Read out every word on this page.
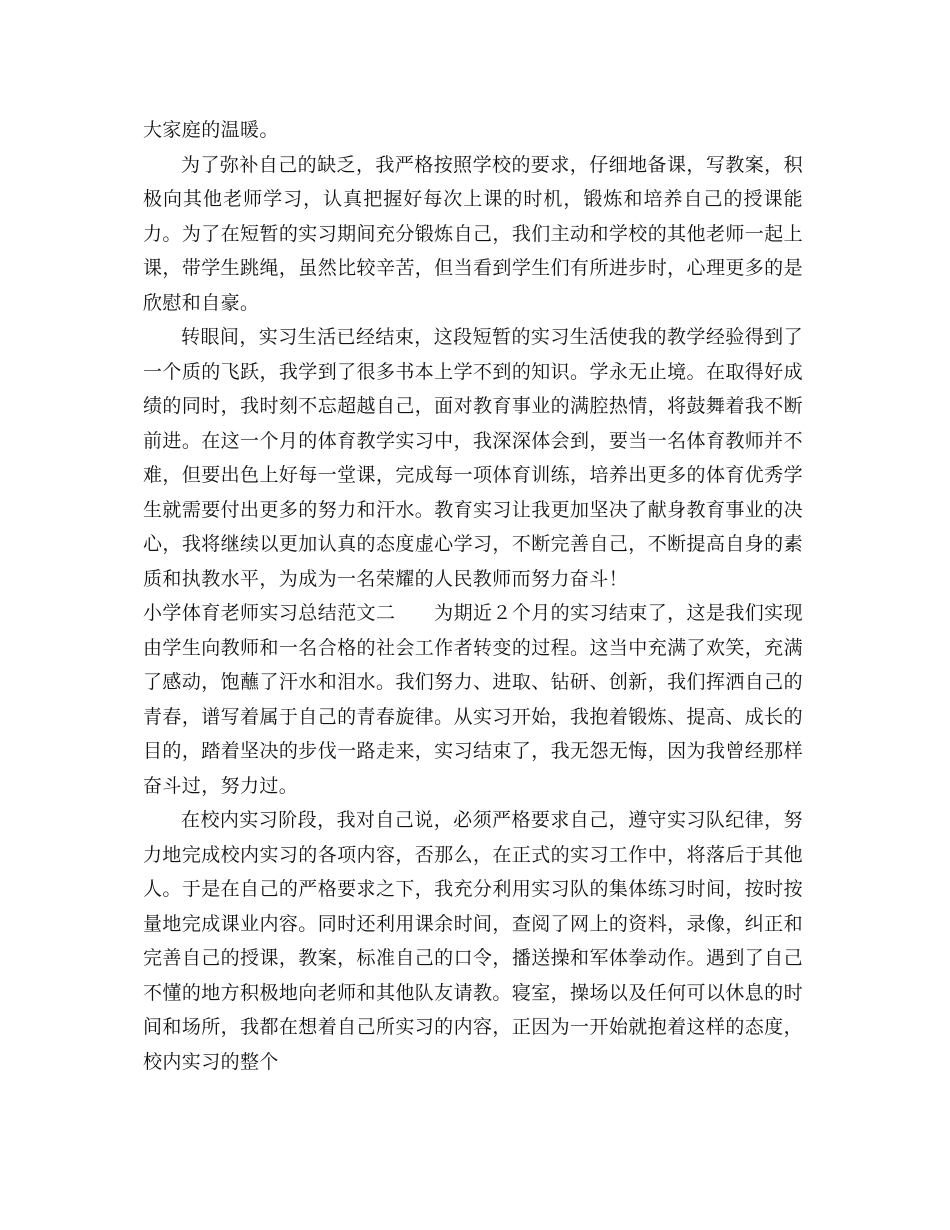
大家庭的温暖。

为了弥补自己的缺乏，我严格按照学校的要求，仔细地备课，写教案，积极向其他老师学习，认真把握好每次上课的时机，锻炼和培养自己的授课能力。为了在短暂的实习期间充分锻炼自己，我们主动和学校的其他老师一起上课，带学生跳绳，虽然比较辛苦，但当看到学生们有所进步时，心理更多的是欣慰和自豪。

转眼间，实习生活已经结束，这段短暂的实习生活使我的教学经验得到了一个质的飞跃，我学到了很多书本上学不到的知识。学永无止境。在取得好成绩的同时，我时刻不忘超越自己，面对教育事业的满腔热情，将鼓舞着我不断前进。在这一个月的体育教学实习中，我深深体会到，要当一名体育教师并不难，但要出色上好每一堂课，完成每一项体育训练，培养出更多的体育优秀学生就需要付出更多的努力和汗水。教育实习让我更加坚决了献身教育事业的决心，我将继续以更加认真的态度虚心学习，不断完善自己，不断提高自身的素质和执教水平，为成为一名荣耀的人民教师而努力奋斗！

小学体育老师实习总结范文二　　为期近２个月的实习结束了，这是我们实现由学生向教师和一名合格的社会工作者转变的过程。这当中充满了欢笑，充满了感动，饱蘸了汗水和泪水。我们努力、进取、钻研、创新，我们挥洒自己的青春，谱写着属于自己的青春旋律。从实习开始，我抱着锻炼、提高、成长的目的，踏着坚决的步伐一路走来，实习结束了，我无怨无悔，因为我曾经那样奋斗过，努力过。

在校内实习阶段，我对自己说，必须严格要求自己，遵守实习队纪律，努力地完成校内实习的各项内容，否那么，在正式的实习工作中，将落后于其他人。于是在自己的严格要求之下，我充分利用实习队的集体练习时间，按时按量地完成课业内容。同时还利用课余时间，查阅了网上的资料，录像，纠正和完善自己的授课，教案，标准自己的口令，播送操和军体拳动作。遇到了自己不懂的地方积极地向老师和其他队友请教。寝室，操场以及任何可以休息的时间和场所，我都在想着自己所实习的内容，正因为一开始就抱着这样的态度，校内实习的整个
